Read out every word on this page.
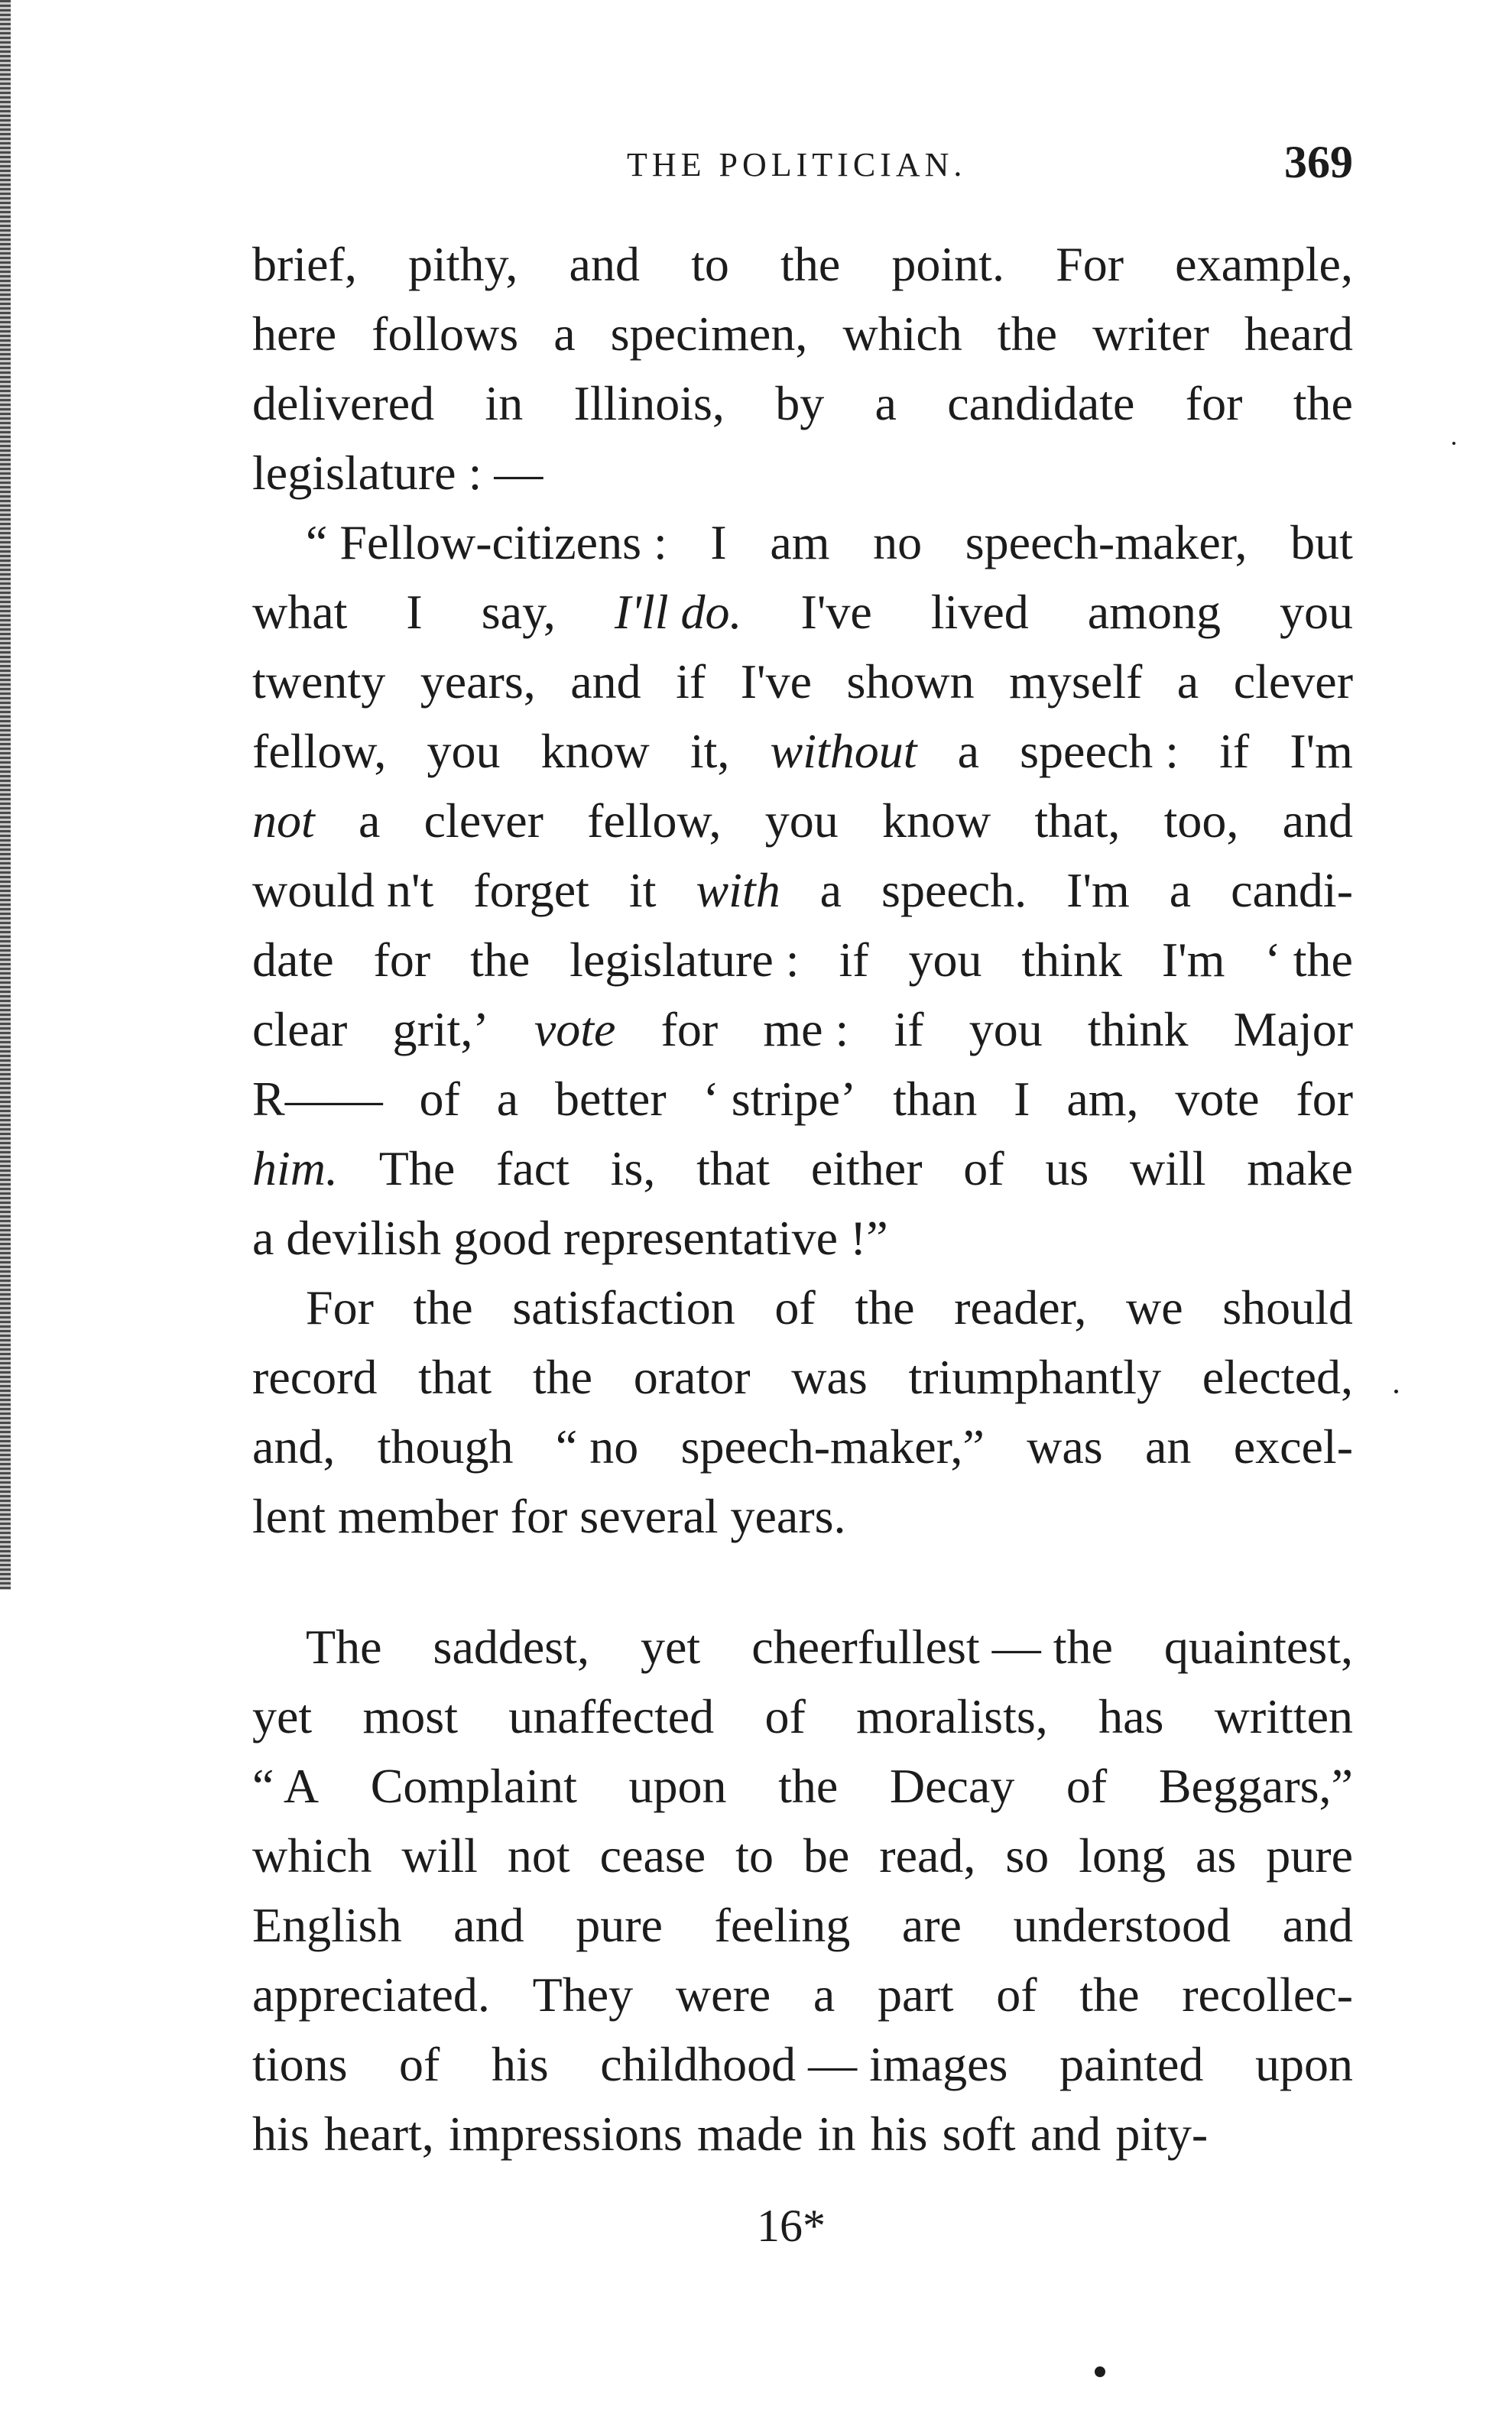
THE POLITICIAN.	369
brief, pithy, and to the point. For example,
here follows a specimen, which the writer heard
delivered in Illinois, by a candidate for the
legislature : —
“ Fellow-citizens : I am no speech-maker, but
what I say, I'll do. I've lived among you
twenty years, and if I've shown myself a clever
fellow, you know it, without a speech : if I'm
not a clever fellow, you know that, too, and
would n't forget it with a speech. I'm a candi-
date for the legislature : if you think I'm ‘ the
clear grit,’ vote for me : if you think Major
R—— of a better ‘ stripe’ than I am, vote for
him. The fact is, that either of us will make
a devilish good representative !”
For the satisfaction of the reader, we should
record that the orator was triumphantly elected,
and, though “ no speech-maker,” was an excel-
lent member for several years.
The saddest, yet cheerfullest — the quaintest,
yet most unaffected of moralists, has written
“ A Complaint upon the Decay of Beggars,”
which will not cease to be read, so long as pure
English and pure feeling are understood and
appreciated. They were a part of the recollec-
tions of his childhood — images painted upon
his heart, impressions made in his soft and pity-
16*
